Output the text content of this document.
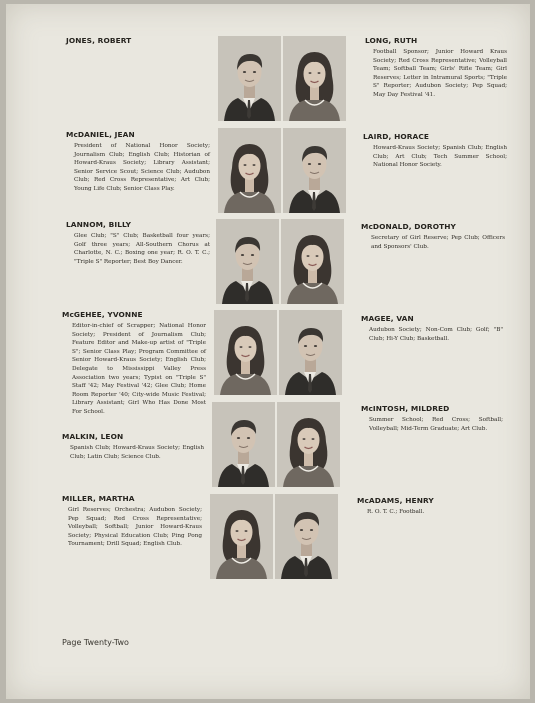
JONES, ROBERT
McDANIEL, JEAN
President of National Honor Society; Journalism Club; English Club; Historian of Howard-Kraus Society; Library Assistant; Senior Service Scout; Science Club; Audubon Club; Red Cross Representative; Art Club; Young Life Club; Senior Class Play.
LANNOM, BILLY
Glee Club; "S" Club; Basketball four years; Golf three years; All-Southern Chorus at Charlotte, N. C.; Boxing one year; R. O. T. C.; "Triple S" Reporter; Best Boy Dancer.
McGEHEE, YVONNE
Editor-in-chief of Scrapper; National Honor Society; President of Journalism Club; Feature Editor and Make-up artist of "Triple S"; Senior Class Play; Program Committee of Senior Howard-Kraus Society; English Club; Delegate to Mississippi Valley Press Association two years; Typist on "Triple S" Staff '42; May Festival '42; Glee Club; Home Room Reporter '40; City-wide Music Festival; Library Assistant; Girl Who Has Done Most For School.
MALKIN, LEON
Spanish Club; Howard-Kraus Society; English Club; Latin Club; Science Club.
MILLER, MARTHA
Girl Reserves; Orchestra; Audubon Society; Pep Squad; Red Cross Representative; Volleyball; Softball; Junior Howard-Kraus Society; Physical Education Club; Ping Pong Tournament; Drill Squad; English Club.
LONG, RUTH
Football Sponsor; Junior Howard Kraus Society; Red Cross Representative; Volleyball Team; Softball Team; Girls' Rifle Team; Girl Reserves; Letter in Intramural Sports; "Triple S" Reporter; Audubon Society; Pep Squad; May Day Festival '41.
LAIRD, HORACE
Howard-Kraus Society; Spanish Club; English Club; Art Club; Tech Summer School; National Honor Society.
McDONALD, DOROTHY
Secretary of Girl Reserve; Pep Club; Officers and Sponsors' Club.
MAGEE, VAN
Audubon Society; Non-Com Club; Golf; "B" Club; Hi-Y Club; Basketball.
McINTOSH, MILDRED
Summer School; Red Cross; Softball; Volleyball; Mid-Term Graduate; Art Club.
McADAMS, HENRY
R. O. T. C.; Football.
Page Twenty-Two
